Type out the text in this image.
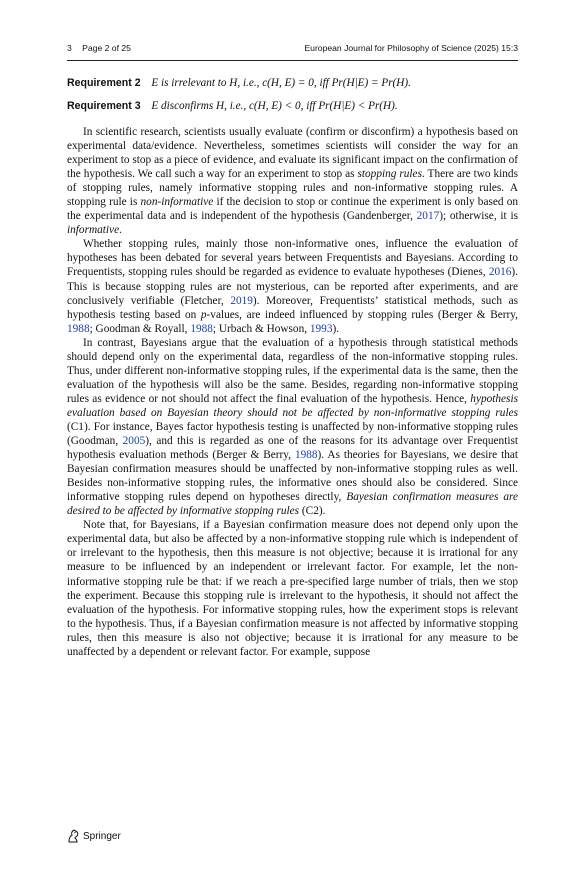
3 Page 2 of 25	European Journal for Philosophy of Science (2025) 15:3
Requirement 2 E is irrelevant to H, i.e., c(H, E) = 0, iff Pr(H|E) = Pr(H).
Requirement 3 E disconfirms H, i.e., c(H, E) < 0, iff Pr(H|E) < Pr(H).

In scientific research, scientists usually evaluate (confirm or disconfirm) a hypothesis based on experimental data/evidence. Nevertheless, sometimes scientists will consider the way for an experiment to stop as a piece of evidence, and evaluate its significant impact on the confirmation of the hypothesis. We call such a way for an experiment to stop as stopping rules. There are two kinds of stopping rules, namely informative stopping rules and non-informative stopping rules. A stopping rule is non-informative if the decision to stop or continue the experiment is only based on the experimental data and is independent of the hypothesis (Gandenberger, 2017); otherwise, it is informative.

Whether stopping rules, mainly those non-informative ones, influence the evaluation of hypotheses has been debated for several years between Frequentists and Bayesians. According to Frequentists, stopping rules should be regarded as evidence to evaluate hypotheses (Dienes, 2016). This is because stopping rules are not mysterious, can be reported after experiments, and are conclusively verifiable (Fletcher, 2019). Moreover, Frequentists’ statistical methods, such as hypothesis testing based on p-values, are indeed influenced by stopping rules (Berger & Berry, 1988; Goodman & Royall, 1988; Urbach & Howson, 1993).

In contrast, Bayesians argue that the evaluation of a hypothesis through statistical methods should depend only on the experimental data, regardless of the non-informative stopping rules. Thus, under different non-informative stopping rules, if the experimental data is the same, then the evaluation of the hypothesis will also be the same. Besides, regarding non-informative stopping rules as evidence or not should not affect the final evaluation of the hypothesis. Hence, hypothesis evaluation based on Bayesian theory should not be affected by non-informative stopping rules (C1). For instance, Bayes factor hypothesis testing is unaffected by non-informative stopping rules (Goodman, 2005), and this is regarded as one of the reasons for its advantage over Frequentist hypothesis evaluation methods (Berger & Berry, 1988). As theories for Bayesians, we desire that Bayesian confirmation measures should be unaffected by non-informative stopping rules as well. Besides non-informative stopping rules, the informative ones should also be considered. Since informative stopping rules depend on hypotheses directly, Bayesian confirmation measures are desired to be affected by informative stopping rules (C2).

Note that, for Bayesians, if a Bayesian confirmation measure does not depend only upon the experimental data, but also be affected by a non-informative stopping rule which is independent of or irrelevant to the hypothesis, then this measure is not objective; because it is irrational for any measure to be influenced by an independent or irrelevant factor. For example, let the non-informative stopping rule be that: if we reach a pre-specified large number of trials, then we stop the experiment. Because this stopping rule is irrelevant to the hypothesis, it should not affect the evaluation of the hypothesis. For informative stopping rules, how the experiment stops is relevant to the hypothesis. Thus, if a Bayesian confirmation measure is not affected by informative stopping rules, then this measure is also not objective; because it is irrational for any measure to be unaffected by a dependent or relevant factor. For example, suppose

Springer
